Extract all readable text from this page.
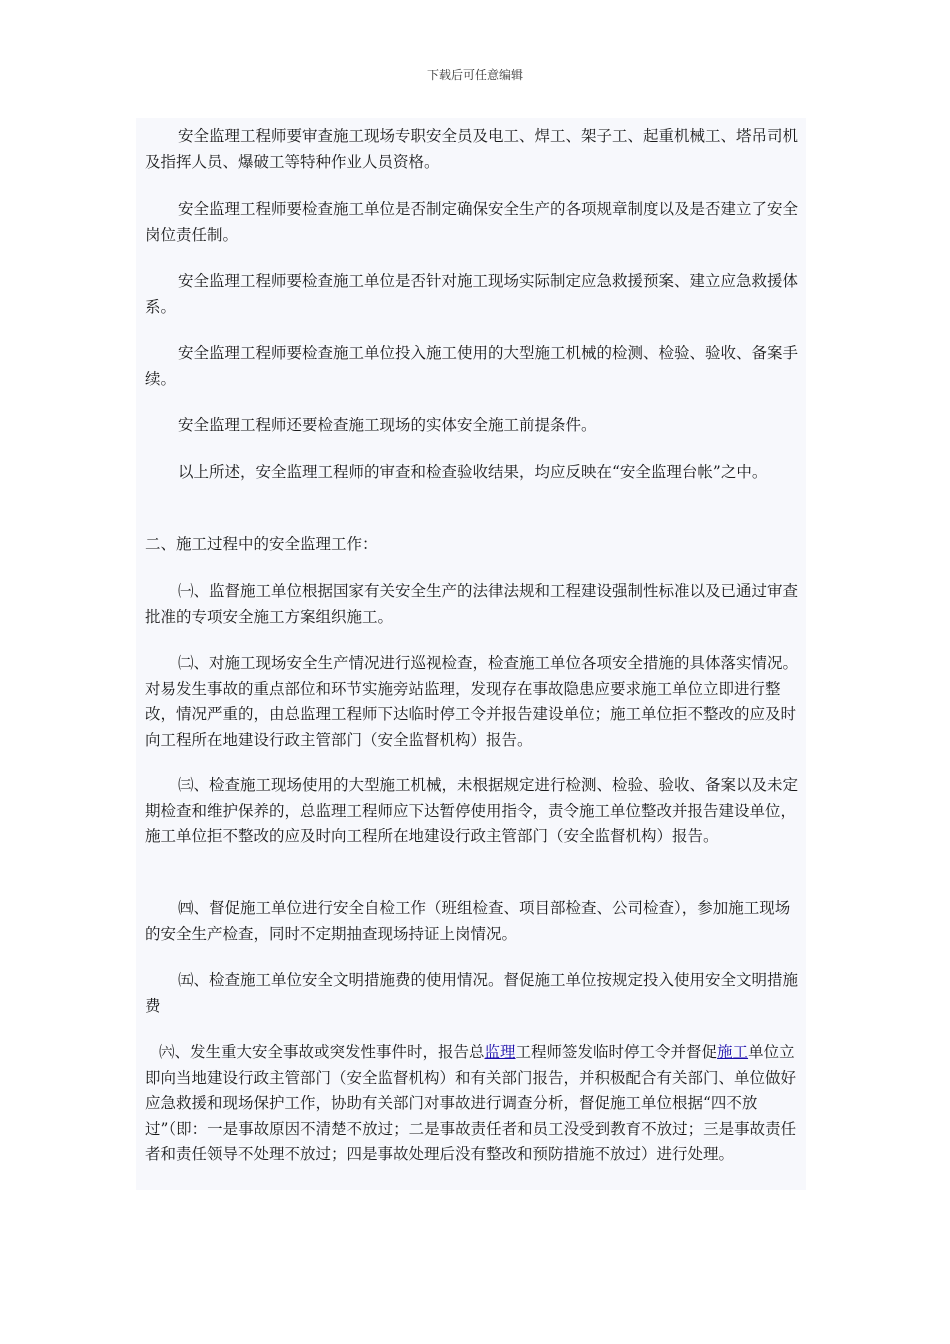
下载后可任意编辑

安全监理工程师要审查施工现场专职安全员及电工、焊工、架子工、起重机械工、塔吊司机及指挥人员、爆破工等特种作业人员资格。

安全监理工程师要检查施工单位是否制定确保安全生产的各项规章制度以及是否建立了安全岗位责任制。

安全监理工程师要检查施工单位是否针对施工现场实际制定应急救援预案、建立应急救援体系。

安全监理工程师要检查施工单位投入施工使用的大型施工机械的检测、检验、验收、备案手续。

安全监理工程师还要检查施工现场的实体安全施工前提条件。

以上所述，安全监理工程师的审查和检查验收结果，均应反映在“安全监理台帐”之中。

二、施工过程中的安全监理工作：

㈠、监督施工单位根据国家有关安全生产的法律法规和工程建设强制性标准以及已通过审查批准的专项安全施工方案组织施工。

㈡、对施工现场安全生产情况进行巡视检查，检查施工单位各项安全措施的具体落实情况。对易发生事故的重点部位和环节实施旁站监理，发现存在事故隐患应要求施工单位立即进行整改，情况严重的，由总监理工程师下达临时停工令并报告建设单位；施工单位拒不整改的应及时向工程所在地建设行政主管部门（安全监督机构）报告。

㈢、检查施工现场使用的大型施工机械，未根据规定进行检测、检验、验收、备案以及未定期检查和维护保养的，总监理工程师应下达暂停使用指令，责令施工单位整改并报告建设单位，施工单位拒不整改的应及时向工程所在地建设行政主管部门（安全监督机构）报告。

㈣、督促施工单位进行安全自检工作（班组检查、项目部检查、公司检查），参加施工现场的安全生产检查，同时不定期抽查现场持证上岗情况。

㈤、检查施工单位安全文明措施费的使用情况。督促施工单位按规定投入使用安全文明措施费

㈥、发生重大安全事故或突发性事件时，报告总监理工程师签发临时停工令并督促施工单位立即向当地建设行政主管部门（安全监督机构）和有关部门报告，并积极配合有关部门、单位做好应急救援和现场保护工作，协助有关部门对事故进行调查分析，督促施工单位根据“四不放过”（即：一是事故原因不清楚不放过；二是事故责任者和员工没受到教育不放过；三是事故责任者和责任领导不处理不放过；四是事故处理后没有整改和预防措施不放过）进行处理。
